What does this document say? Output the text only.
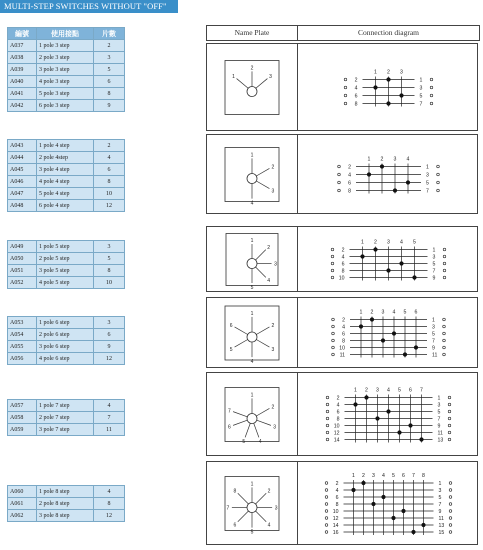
MULTI-STEP SWITCHES WITHOUT "OFF"
編號	使用接點	片數
A037	1 pole 3 step	2
A038	2 pole 3 step	3
A039	3 pole 3 step	5
A040	4 pole 3 step	6
A041	5 pole 3 step	8
A042	6 pole 3 step	9
A043	1 pole 4 step	2
A044	2 pole 4step	4
A045	3 pole 4 step	6
A046	4 pole 4 step	8
A047	5 pole 4 step	10
A048	6 pole 4 step	12
A049	1 pole 5 step	3
A050	2 pole 5 step	5
A051	3 pole 5 step	8
A052	4 pole 5 step	10
A053	1 pole 6 step	3
A054	2 pole 6 step	6
A055	3 pole 6 step	9
A056	4 pole 6 step	12
A057	1 pole 7 step	4
A058	2 pole 7 step	7
A059	3 pole 7 step	11
A060	1 pole 8 step	4
A061	2 pole 8 step	8
A062	3 pole 8 step	12
Name Plate	Connection diagram
1
2
3
1 2 3
2	1
4	3
6	5
8	7
1
2
3
4
1 2 3 4
2	1
4	3
6	5
8	7
1
2
3
4
5
1 2 3 4 5
2	1
4	3
6	5
8	7
10	9
1
2
3
4
5
6
1 2 3 4 5 6
2	1
4	3
6	5
8	7
10	9
11	11
1
2
3
4
5
6
7
1 2 3 4 5 6 7
2	1
4	3
6	5
8	7
10	9
12	11
14	13
1
2
3
4
5
6
7
8
1 2 3 4 5 6 7 8
2	1
4	3
6	5
8	7
10	9
12	11
14	13
16	15
